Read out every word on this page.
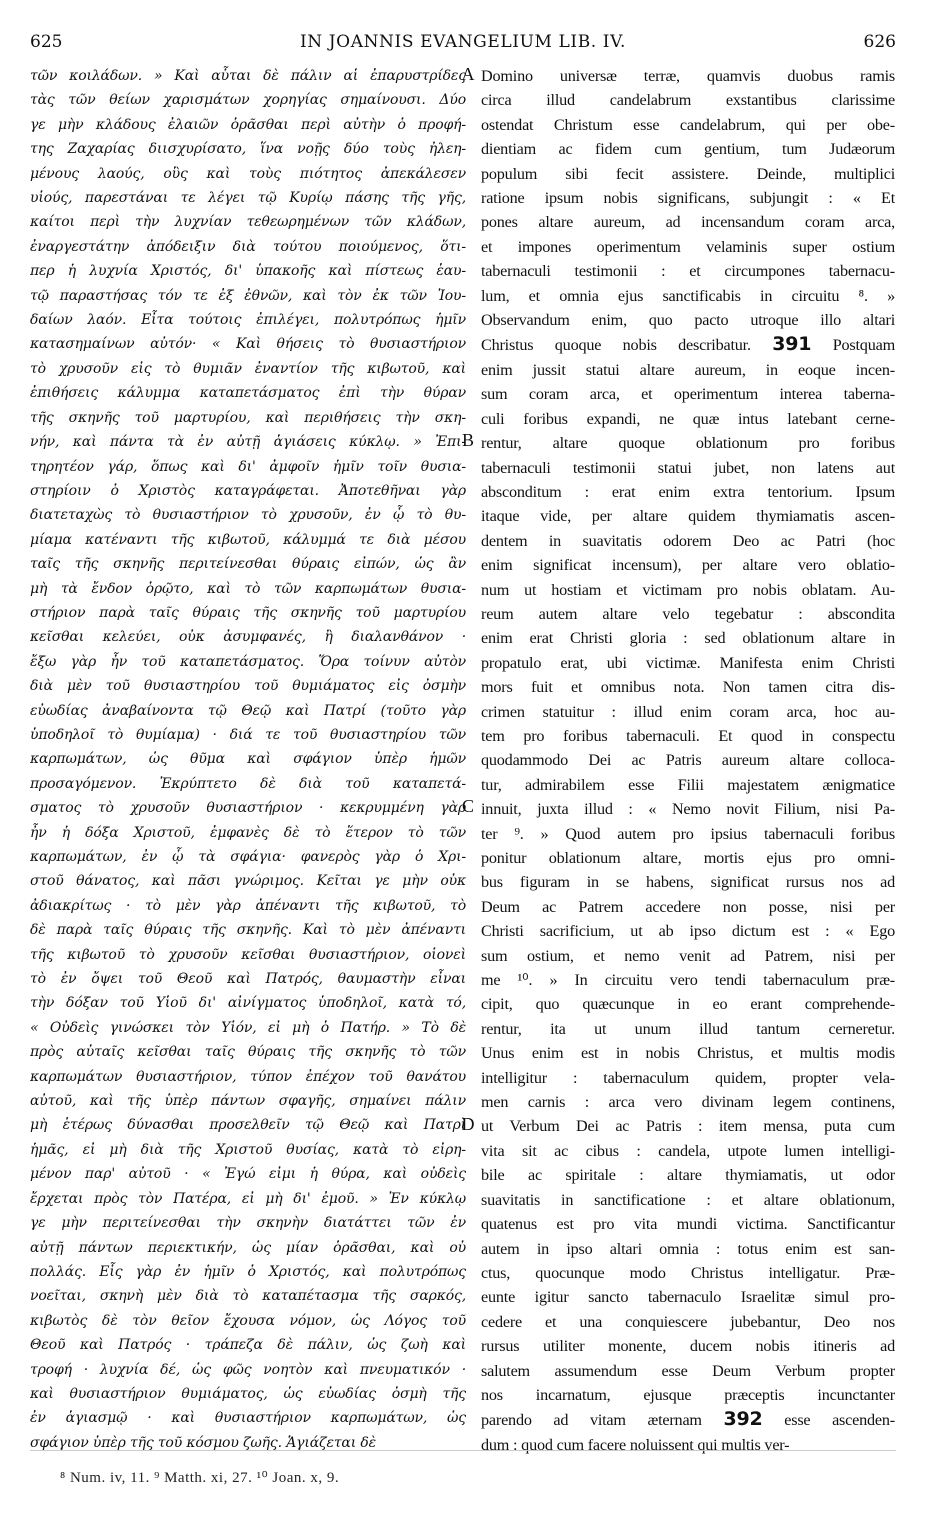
625	IN JOANNIS EVANGELIUM LIB. IV.	626
τῶν κοιλάδων. » Καὶ αὗται δὲ πάλιν αἱ ἐπαρυστρίδες
τὰς τῶν θείων χαρισμάτων χορηγίας σημαίνουσι. Δύο
γε μὴν κλάδους ἐλαιῶν ὁρᾶσθαι περὶ αὐτὴν ὁ προφή-
της Ζαχαρίας διισχυρίσατο, ἵνα νοῇς δύο τοὺς ἠλεη-
μένους λαούς, οὓς καὶ τοὺς πιότητος ἀπεκάλεσεν
υἱούς, παρεστάναι τε λέγει τῷ Κυρίῳ πάσης τῆς γῆς,
καίτοι περὶ τὴν λυχνίαν τεθεωρημένων τῶν κλάδων,
ἐναργεστάτην ἀπόδειξιν διὰ τούτου ποιούμενος, ὅτι-
περ ἡ λυχνία Χριστός, δι' ὑπακοῆς καὶ πίστεως ἑαυ-
τῷ παραστήσας τόν τε ἐξ ἐθνῶν, καὶ τὸν ἐκ τῶν Ἰου-
δαίων λαόν. Εἶτα τούτοις ἐπιλέγει, πολυτρόπως ἡμῖν
κατασημαίνων αὐτόν· « Καὶ θήσεις τὸ θυσιαστήριον
τὸ χρυσοῦν εἰς τὸ θυμιᾶν ἐναντίον τῆς κιβωτοῦ, καὶ
ἐπιθήσεις κάλυμμα καταπετάσματος ἐπὶ τὴν θύραν
τῆς σκηνῆς τοῦ μαρτυρίου, καὶ περιθήσεις τὴν σκη-
νήν, καὶ πάντα τὰ ἐν αὐτῇ ἁγιάσεις κύκλῳ. » Ἐπι-
τηρητέον γάρ, ὅπως καὶ δι' ἀμφοῖν ἡμῖν τοῖν θυσια-
στηρίοιν ὁ Χριστὸς καταγράφεται. Ἀποτεθῆναι γὰρ
διατεταχὼς τὸ θυσιαστήριον τὸ χρυσοῦν, ἐν ᾧ τὸ θυ-
μίαμα κατέναντι τῆς κιβωτοῦ, κάλυμμά τε διὰ μέσου
ταῖς τῆς σκηνῆς περιτείνεσθαι θύραις εἰπών, ὡς ἂν
μὴ τὰ ἔνδον ὁρῷτο, καὶ τὸ τῶν καρπωμάτων θυσια-
στήριον παρὰ ταῖς θύραις τῆς σκηνῆς τοῦ μαρτυρίου
κεῖσθαι κελεύει, οὐκ ἀσυμφανές, ἢ διαλανθάνον ·
ἔξω γὰρ ἦν τοῦ καταπετάσματος. Ὅρα τοίνυν αὐτὸν
διὰ μὲν τοῦ θυσιαστηρίου τοῦ θυμιάματος εἰς ὀσμὴν
εὐωδίας ἀναβαίνοντα τῷ Θεῷ καὶ Πατρί (τοῦτο γὰρ
ὑποδηλοῖ τὸ θυμίαμα) · διά τε τοῦ θυσιαστηρίου τῶν
καρπωμάτων, ὡς θῦμα καὶ σφάγιον ὑπὲρ ἡμῶν
προσαγόμενον. Ἐκρύπτετο δὲ διὰ τοῦ καταπετά-
σματος τὸ χρυσοῦν θυσιαστήριον · κεκρυμμένη γὰρ
ἦν ἡ δόξα Χριστοῦ, ἐμφανὲς δὲ τὸ ἕτερον τὸ τῶν
καρπωμάτων, ἐν ᾧ τὰ σφάγια· φανερὸς γὰρ ὁ Χρι-
στοῦ θάνατος, καὶ πᾶσι γνώριμος. Κεῖται γε μὴν οὐκ
ἀδιακρίτως · τὸ μὲν γὰρ ἀπέναντι τῆς κιβωτοῦ, τὸ
δὲ παρὰ ταῖς θύραις τῆς σκηνῆς. Καὶ τὸ μὲν ἀπέναντι
τῆς κιβωτοῦ τὸ χρυσοῦν κεῖσθαι θυσιαστήριον, οἱονεὶ
τὸ ἐν ὄψει τοῦ Θεοῦ καὶ Πατρός, θαυμαστὴν εἶναι
τὴν δόξαν τοῦ Υἱοῦ δι' αἰνίγματος ὑποδηλοῖ, κατὰ τό,
« Οὐδεὶς γινώσκει τὸν Υἱόν, εἰ μὴ ὁ Πατήρ. » Τὸ δὲ
πρὸς αὐταῖς κεῖσθαι ταῖς θύραις τῆς σκηνῆς τὸ τῶν
καρπωμάτων θυσιαστήριον, τύπον ἐπέχον τοῦ θανάτου
αὐτοῦ, καὶ τῆς ὑπὲρ πάντων σφαγῆς, σημαίνει πάλιν
μὴ ἑτέρως δύνασθαι προσελθεῖν τῷ Θεῷ καὶ Πατρὶ
ἡμᾶς, εἰ μὴ διὰ τῆς Χριστοῦ θυσίας, κατὰ τὸ εἰρη-
μένον παρ' αὐτοῦ · « Ἐγώ εἰμι ἡ θύρα, καὶ οὐδεὶς
ἔρχεται πρὸς τὸν Πατέρα, εἰ μὴ δι' ἐμοῦ. » Ἐν κύκλῳ
γε μὴν περιτείνεσθαι τὴν σκηνὴν διατάττει τῶν ἐν
αὐτῇ πάντων περιεκτικήν, ὡς μίαν ὁρᾶσθαι, καὶ οὐ
πολλάς. Εἷς γὰρ ἐν ἡμῖν ὁ Χριστός, καὶ πολυτρόπως
νοεῖται, σκηνὴ μὲν διὰ τὸ καταπέτασμα τῆς σαρκός,
κιβωτὸς δὲ τὸν θεῖον ἔχουσα νόμον, ὡς Λόγος τοῦ
Θεοῦ καὶ Πατρός · τράπεζα δὲ πάλιν, ὡς ζωὴ καὶ
τροφή · λυχνία δέ, ὡς φῶς νοητὸν καὶ πνευματικόν ·
καὶ θυσιαστήριον θυμιάματος, ὡς εὐωδίας ὀσμὴ τῆς
ἐν ἁγιασμῷ · καὶ θυσιαστήριον καρπωμάτων, ὡς
σφάγιον ὑπὲρ τῆς τοῦ κόσμου ζωῆς. Ἁγιάζεται δὲ
Domino universæ terræ, quamvis duobus ramis
circa illud candelabrum exstantibus clarissime
ostendat Christum esse candelabrum, qui per obe-
dientiam ac fidem cum gentium, tum Judæorum
populum sibi fecit assistere. Deinde, multiplici
ratione ipsum nobis significans, subjungit : « Et
pones altare aureum, ad incensandum coram arca,
et impones operimentum velaminis super ostium
tabernaculi testimonii : et circumpones tabernacu-
lum, et omnia ejus sanctificabis in circuitu ⁸. »
Observandum enim, quo pacto utroque illo altari
Christus quoque nobis describatur. 391 Postquam
enim jussit statui altare aureum, in eoque incen-
sum coram arca, et operimentum interea taberna-
culi foribus expandi, ne quæ intus latebant cerne-
rentur, altare quoque oblationum pro foribus
tabernaculi testimonii statui jubet, non latens aut
absconditum : erat enim extra tentorium. Ipsum
itaque vide, per altare quidem thymiamatis ascen-
dentem in suavitatis odorem Deo ac Patri (hoc
enim significat incensum), per altare vero oblatio-
num ut hostiam et victimam pro nobis oblatam. Au-
reum autem altare velo tegebatur : abscondita
enim erat Christi gloria : sed oblationum altare in
propatulo erat, ubi victimæ. Manifesta enim Christi
mors fuit et omnibus nota. Non tamen citra dis-
crimen statuitur : illud enim coram arca, hoc au-
tem pro foribus tabernaculi. Et quod in conspectu
quodammodo Dei ac Patris aureum altare colloca-
tur, admirabilem esse Filii majestatem ænigmatice
innuit, juxta illud : « Nemo novit Filium, nisi Pa-
ter ⁹. » Quod autem pro ipsius tabernaculi foribus
ponitur oblationum altare, mortis ejus pro omni-
bus figuram in se habens, significat rursus nos ad
Deum ac Patrem accedere non posse, nisi per
Christi sacrificium, ut ab ipso dictum est : « Ego
sum ostium, et nemo venit ad Patrem, nisi per
me ¹⁰. » In circuitu vero tendi tabernaculum præ-
cipit, quo quæcunque in eo erant comprehende-
rentur, ita ut unum illud tantum cerneretur.
Unus enim est in nobis Christus, et multis modis
intelligitur : tabernaculum quidem, propter vela-
men carnis : arca vero divinam legem continens,
ut Verbum Dei ac Patris : item mensa, puta cum
vita sit ac cibus : candela, utpote lumen intelligi-
bile ac spiritale : altare thymiamatis, ut odor
suavitatis in sanctificatione : et altare oblationum,
quatenus est pro vita mundi victima. Sanctificantur
autem in ipso altari omnia : totus enim est san-
ctus, quocunque modo Christus intelligatur. Præ-
eunte igitur sancto tabernaculo Israelitæ simul pro-
cedere et una conquiescere jubebantur, Deo nos
rursus utiliter monente, ducem nobis itineris ad
salutem assumendum esse Deum Verbum propter
nos incarnatum, ejusque præceptis incunctanter
parendo ad vitam æternam 392 esse ascenden-
dum : quod cum facere noluissent qui multis ver-
A
B
C
D
⁸ Num. iv, 11. ⁹ Matth. xi, 27. ¹⁰ Joan. x, 9.
